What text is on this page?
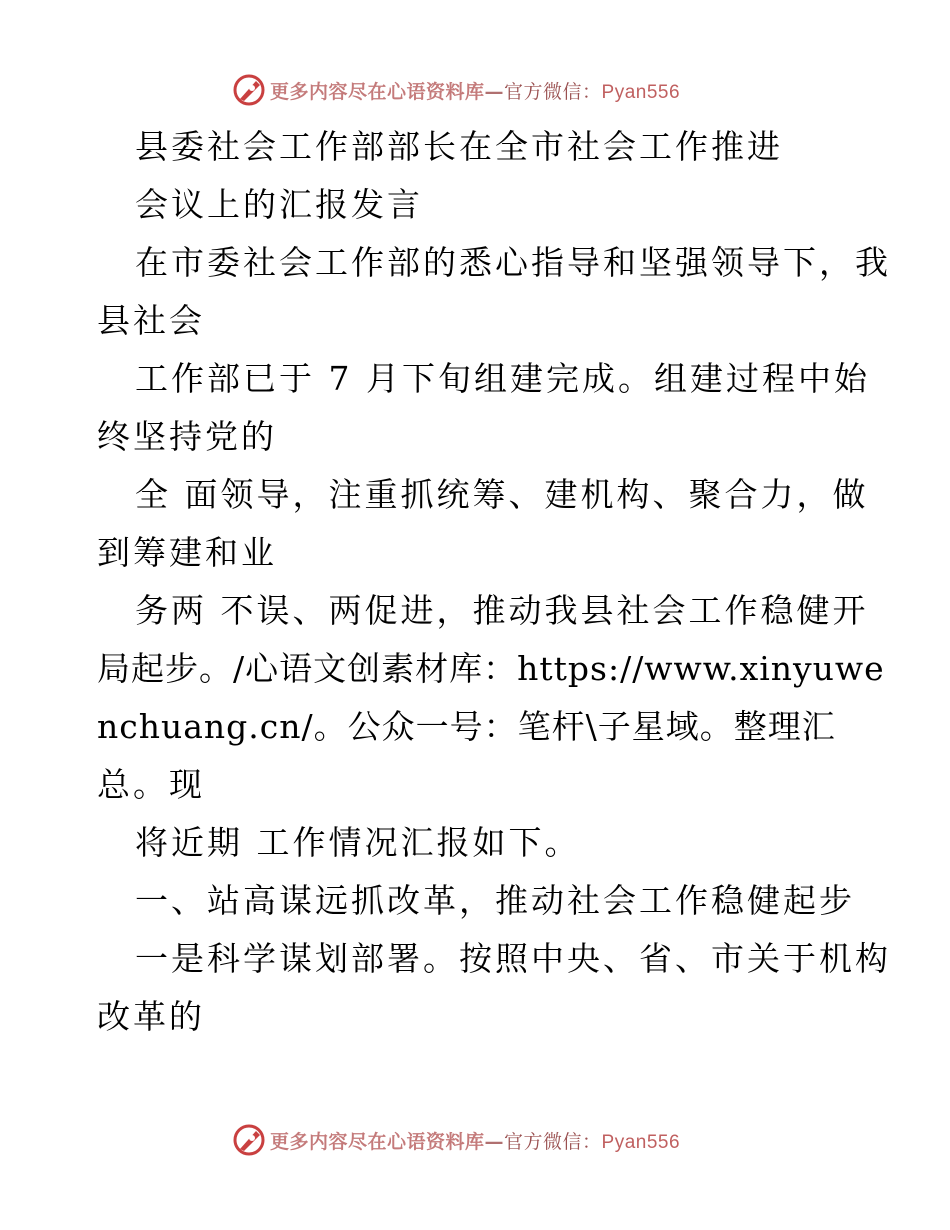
更多内容尽在心语资料库—官方微信：Pyan556
县委社会工作部部长在全市社会工作推进
会议上的汇报发言
在市委社会工作部的悉心指导和坚强领导下，我
县社会
工作部已于 7 月下旬组建完成。组建过程中始
终坚持党的
全 面领导，注重抓统筹、建机构、聚合力，做
到筹建和业
务两 不误、两促进，推动我县社会工作稳健开
局起步。/心语文创素材库：https://www.xinyuwe
nchuang.cn/。公众一号：笔杆\子星域。整理汇
总。现
将近期 工作情况汇报如下。
一、站高谋远抓改革，推动社会工作稳健起步
一是科学谋划部署。按照中央、省、市关于机构
改革的
更多内容尽在心语资料库—官方微信：Pyan556
